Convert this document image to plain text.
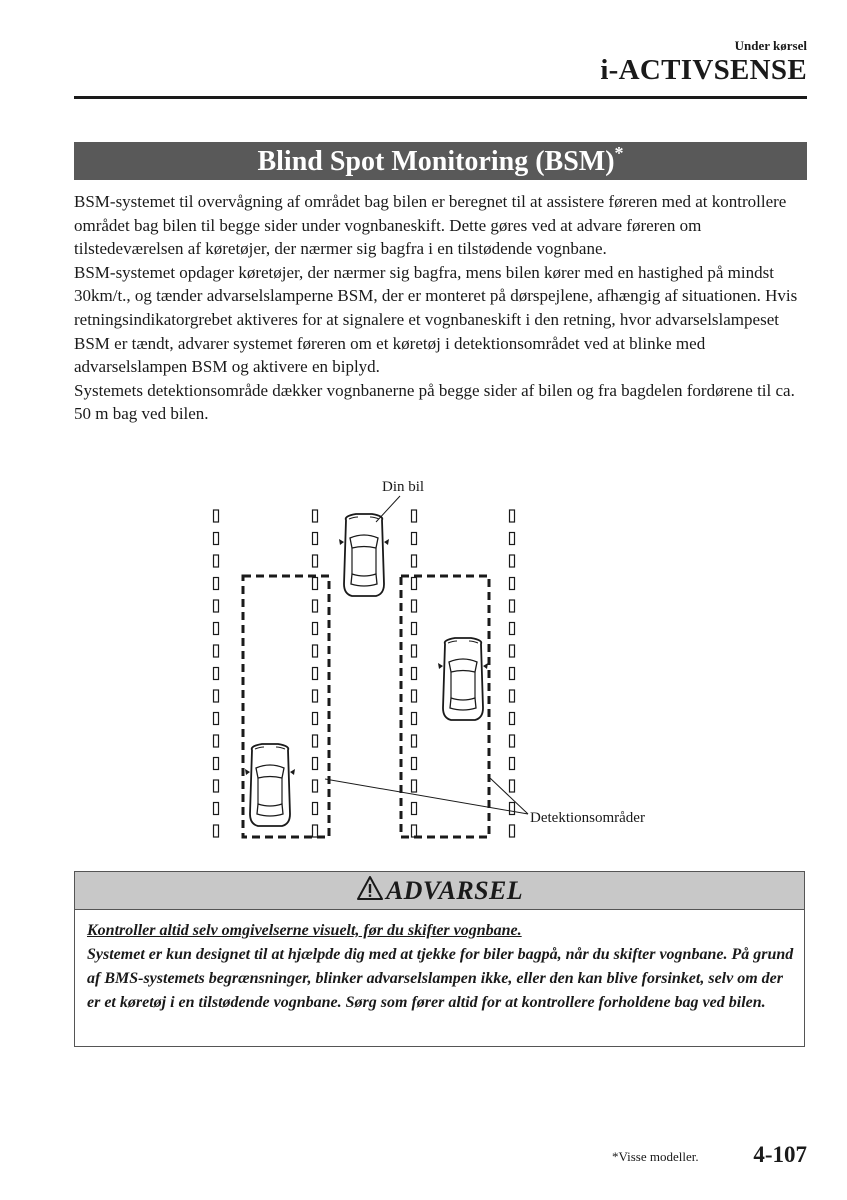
Under kørsel
i-ACTIVSENSE
Blind Spot Monitoring (BSM)*

BSM-systemet til overvågning af området bag bilen er beregnet til at assistere føreren med at kontrollere området bag bilen til begge sider under vognbaneskift. Dette gøres ved at advare føreren om tilstedeværelsen af køretøjer, der nærmer sig bagfra i en tilstødende vognbane.

BSM-systemet opdager køretøjer, der nærmer sig bagfra, mens bilen kører med en hastighed på mindst 30km/t., og tænder advarselslamperne BSM, der er monteret på dørspejlene, afhængig af situationen. Hvis retningsindikatorgrebet aktiveres for at signalere et vognbaneskift i den retning, hvor advarselslampeset BSM er tændt, advarer systemet føreren om et køretøj i detektionsområdet ved at blinke med advarselslampen BSM og aktivere en biplyd.

Systemets detektionsområde dækker vognbanerne på begge sider af bilen og fra bagdelen fordørene til ca. 50 m bag ved bilen.

Din bil
Detektionsområder
ADVARSEL

Kontroller altid selv omgivelserne visuelt, før du skifter vognbane.

Systemet er kun designet til at hjælpde dig med at tjekke for biler bagpå, når du skifter vognbane. På grund af BMS-systemets begrænsninger, blinker advarselslampen ikke, eller den kan blive forsinket, selv om der er et køretøj i en tilstødende vognbane. Sørg som fører altid for at kontrollere forholdene bag ved bilen.

*Visse modeller. 4-107
